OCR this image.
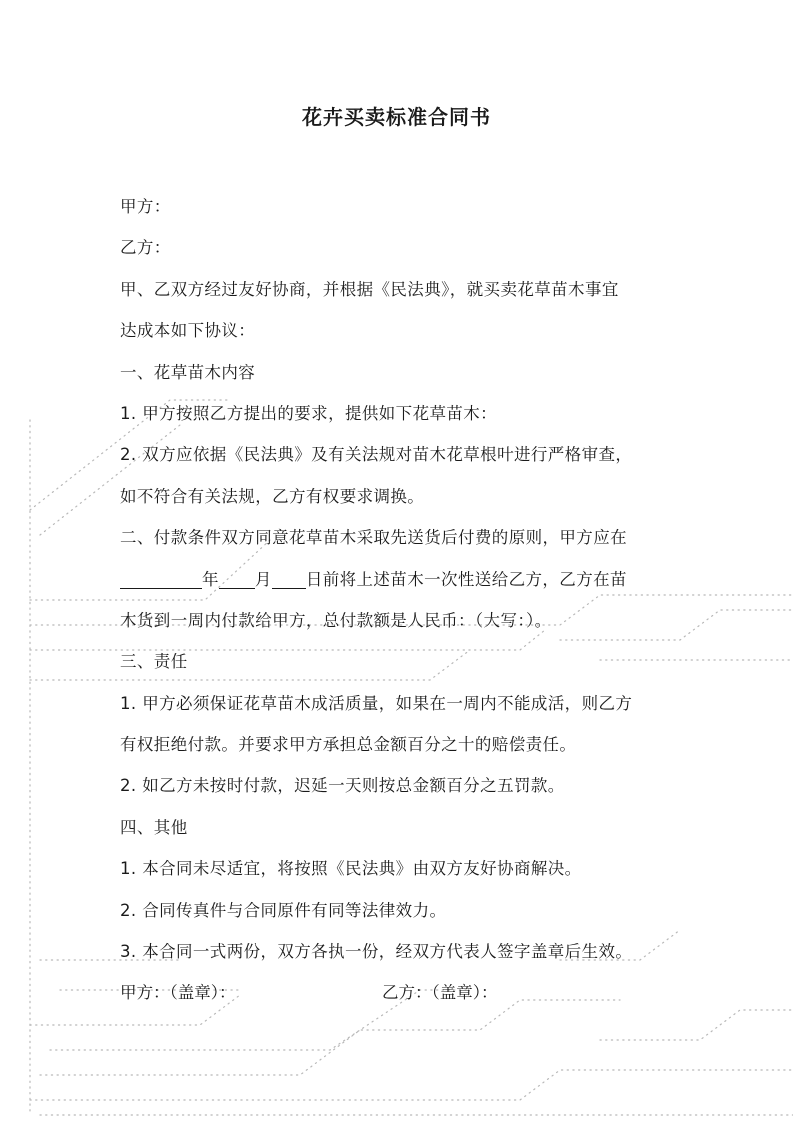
花卉买卖标准合同书
甲方：
乙方：
甲、乙双方经过友好协商，并根据《民法典》，就买卖花草苗木事宜
达成本如下协议：
一、花草苗木内容
1. 甲方按照乙方提出的要求，提供如下花草苗木：
2. 双方应依据《民法典》及有关法规对苗木花草根叶进行严格审查，
如不符合有关法规，乙方有权要求调换。
二、付款条件双方同意花草苗木采取先送货后付费的原则，甲方应在
年 月 日前将上述苗木一次性送给乙方，乙方在苗
木货到一周内付款给甲方，总付款额是人民币：（大写：）。
三、责任
1. 甲方必须保证花草苗木成活质量，如果在一周内不能成活，则乙方
有权拒绝付款。并要求甲方承担总金额百分之十的赔偿责任。
2. 如乙方未按时付款，迟延一天则按总金额百分之五罚款。
四、其他
1. 本合同未尽适宜，将按照《民法典》由双方友好协商解决。
2. 合同传真件与合同原件有同等法律效力。
3. 本合同一式两份，双方各执一份，经双方代表人签字盖章后生效。
甲方：（盖章）：	乙方：（盖章）：
